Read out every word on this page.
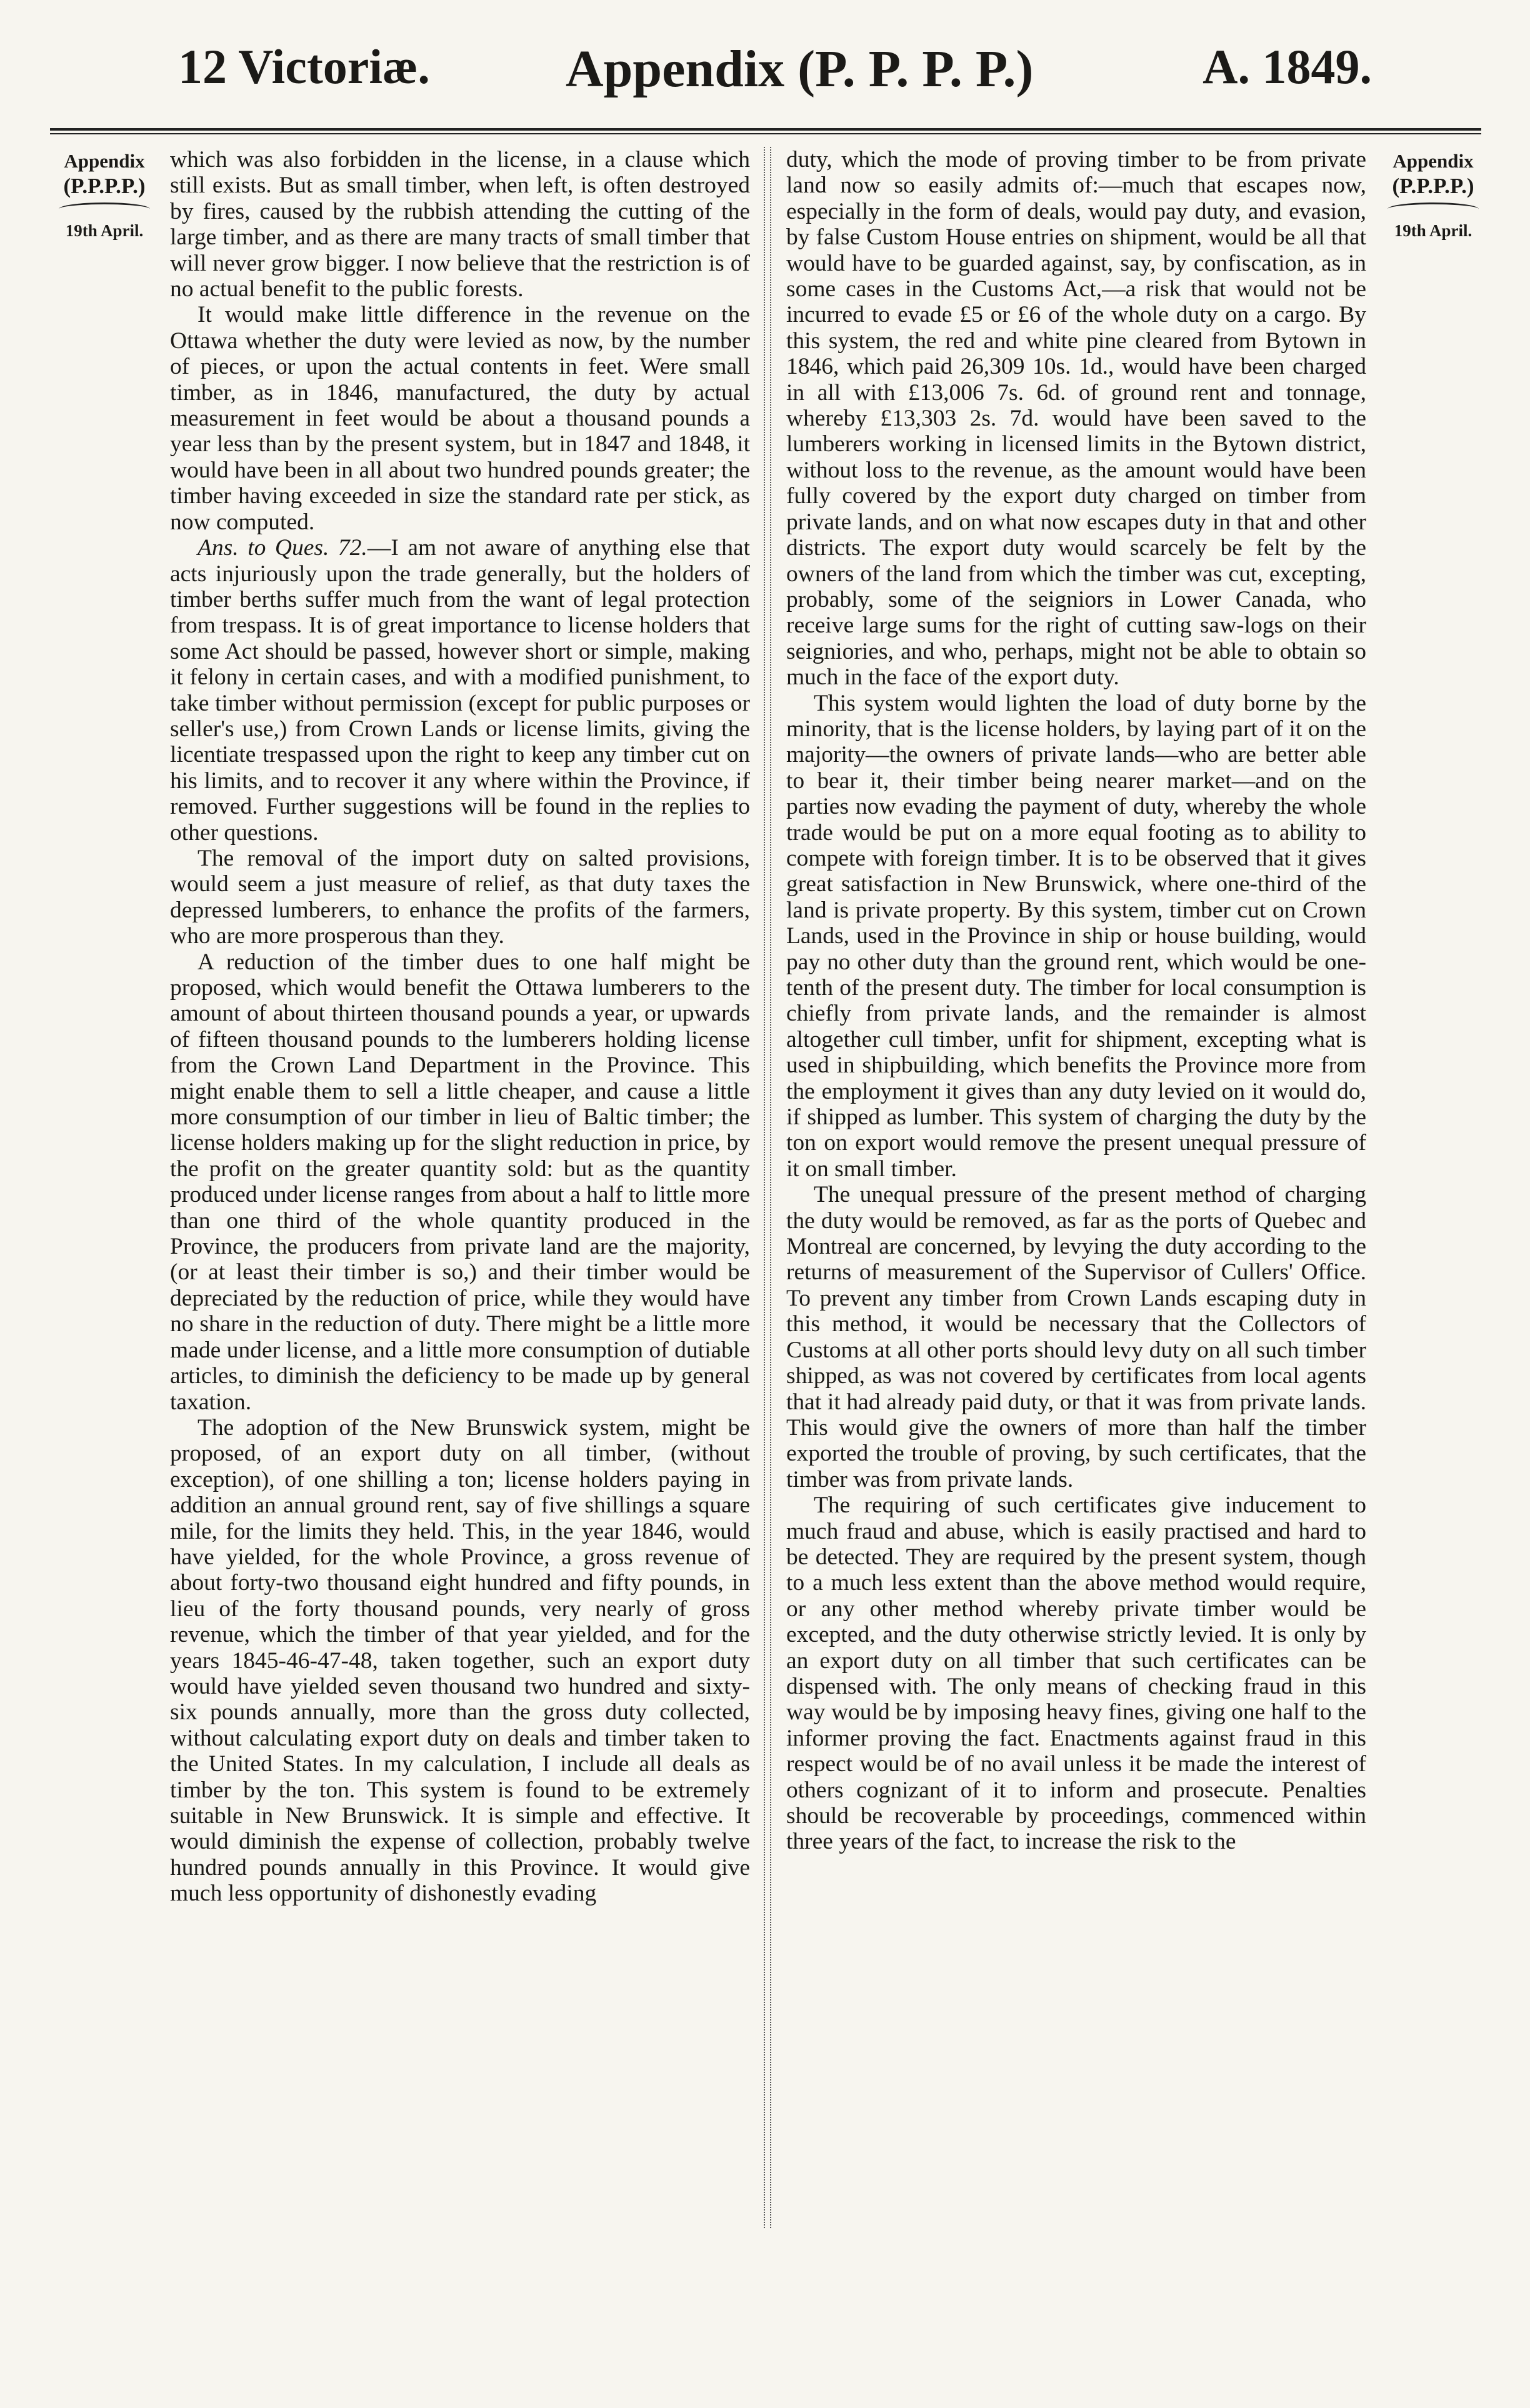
12 Victoriæ.	Appendix (P. P. P. P.)	A. 1849.
Appendix
(P.P.P.P.)
19th April.
Appendix
(P.P.P.P.)
19th April.

which was also forbidden in the license, in a clause which still exists. But as small timber, when left, is often destroyed by fires, caused by the rubbish attending the cutting of the large timber, and as there are many tracts of small timber that will never grow bigger. I now believe that the restriction is of no actual benefit to the public forests.

It would make little difference in the revenue on the Ottawa whether the duty were levied as now, by the number of pieces, or upon the actual contents in feet. Were small timber, as in 1846, manufactured, the duty by actual measurement in feet would be about a thousand pounds a year less than by the present system, but in 1847 and 1848, it would have been in all about two hundred pounds greater; the timber having exceeded in size the standard rate per stick, as now computed.

Ans. to Ques. 72.—I am not aware of anything else that acts injuriously upon the trade generally, but the holders of timber berths suffer much from the want of legal protection from trespass. It is of great importance to license holders that some Act should be passed, however short or simple, making it felony in certain cases, and with a modified punishment, to take timber without permission (except for public purposes or seller's use,) from Crown Lands or license limits, giving the licentiate trespassed upon the right to keep any timber cut on his limits, and to recover it any where within the Province, if removed. Further suggestions will be found in the replies to other questions.

The removal of the import duty on salted provisions, would seem a just measure of relief, as that duty taxes the depressed lumberers, to enhance the profits of the farmers, who are more prosperous than they.

A reduction of the timber dues to one half might be proposed, which would benefit the Ottawa lumberers to the amount of about thirteen thousand pounds a year, or upwards of fifteen thousand pounds to the lumberers holding license from the Crown Land Department in the Province. This might enable them to sell a little cheaper, and cause a little more consumption of our timber in lieu of Baltic timber; the license holders making up for the slight reduction in price, by the profit on the greater quantity sold: but as the quantity produced under license ranges from about a half to little more than one third of the whole quantity produced in the Province, the producers from private land are the majority, (or at least their timber is so,) and their timber would be depreciated by the reduction of price, while they would have no share in the reduction of duty. There might be a little more made under license, and a little more consumption of dutiable articles, to diminish the deficiency to be made up by general taxation.

The adoption of the New Brunswick system, might be proposed, of an export duty on all timber, (without exception), of one shilling a ton; license holders paying in addition an annual ground rent, say of five shillings a square mile, for the limits they held. This, in the year 1846, would have yielded, for the whole Province, a gross revenue of about forty-two thousand eight hundred and fifty pounds, in lieu of the forty thousand pounds, very nearly of gross revenue, which the timber of that year yielded, and for the years 1845-46-47-48, taken together, such an export duty would have yielded seven thousand two hundred and sixty-six pounds annually, more than the gross duty collected, without calculating export duty on deals and timber taken to the United States. In my calculation, I include all deals as timber by the ton. This system is found to be extremely suitable in New Brunswick. It is simple and effective. It would diminish the expense of collection, probably twelve hundred pounds annually in this Province. It would give much less opportunity of dishonestly evading

duty, which the mode of proving timber to be from private land now so easily admits of:—much that escapes now, especially in the form of deals, would pay duty, and evasion, by false Custom House entries on shipment, would be all that would have to be guarded against, say, by confiscation, as in some cases in the Customs Act,—a risk that would not be incurred to evade £5 or £6 of the whole duty on a cargo. By this system, the red and white pine cleared from Bytown in 1846, which paid 26,309 10s. 1d., would have been charged in all with £13,006 7s. 6d. of ground rent and tonnage, whereby £13,303 2s. 7d. would have been saved to the lumberers working in licensed limits in the Bytown district, without loss to the revenue, as the amount would have been fully covered by the export duty charged on timber from private lands, and on what now escapes duty in that and other districts. The export duty would scarcely be felt by the owners of the land from which the timber was cut, excepting, probably, some of the seigniors in Lower Canada, who receive large sums for the right of cutting saw-logs on their seigniories, and who, perhaps, might not be able to obtain so much in the face of the export duty.

This system would lighten the load of duty borne by the minority, that is the license holders, by laying part of it on the majority—the owners of private lands—who are better able to bear it, their timber being nearer market—and on the parties now evading the payment of duty, whereby the whole trade would be put on a more equal footing as to ability to compete with foreign timber. It is to be observed that it gives great satisfaction in New Brunswick, where one-third of the land is private property. By this system, timber cut on Crown Lands, used in the Province in ship or house building, would pay no other duty than the ground rent, which would be one-tenth of the present duty. The timber for local consumption is chiefly from private lands, and the remainder is almost altogether cull timber, unfit for shipment, excepting what is used in shipbuilding, which benefits the Province more from the employment it gives than any duty levied on it would do, if shipped as lumber. This system of charging the duty by the ton on export would remove the present unequal pressure of it on small timber.

The unequal pressure of the present method of charging the duty would be removed, as far as the ports of Quebec and Montreal are concerned, by levying the duty according to the returns of measurement of the Supervisor of Cullers' Office. To prevent any timber from Crown Lands escaping duty in this method, it would be necessary that the Collectors of Customs at all other ports should levy duty on all such timber shipped, as was not covered by certificates from local agents that it had already paid duty, or that it was from private lands. This would give the owners of more than half the timber exported the trouble of proving, by such certificates, that the timber was from private lands.

The requiring of such certificates give inducement to much fraud and abuse, which is easily practised and hard to be detected. They are required by the present system, though to a much less extent than the above method would require, or any other method whereby private timber would be excepted, and the duty otherwise strictly levied. It is only by an export duty on all timber that such certificates can be dispensed with. The only means of checking fraud in this way would be by imposing heavy fines, giving one half to the informer proving the fact. Enactments against fraud in this respect would be of no avail unless it be made the interest of others cognizant of it to inform and prosecute. Penalties should be recoverable by proceedings, commenced within three years of the fact, to increase the risk to the
